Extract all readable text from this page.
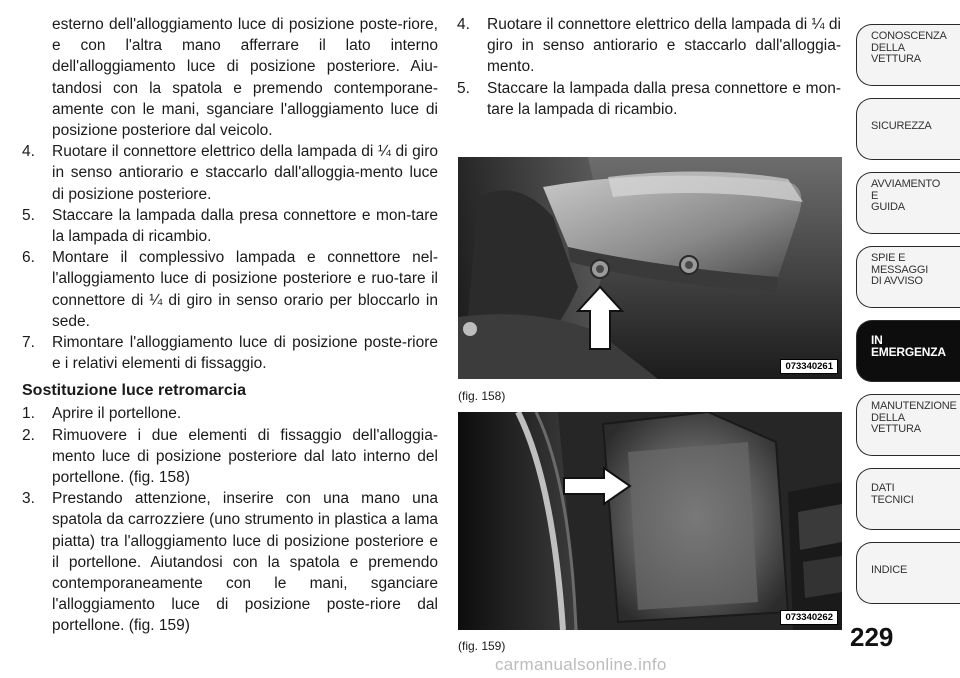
esterno dell'alloggiamento luce di posizione poste-riore, e con l'altra mano afferrare il lato interno dell'alloggiamento luce di posizione posteriore. Aiu-tandosi con la spatola e premendo contemporane-amente con le mani, sganciare l'alloggiamento luce di posizione posteriore dal veicolo.

4. Ruotare il connettore elettrico della lampada di ¼ di giro in senso antiorario e staccarlo dall'alloggia-mento luce di posizione posteriore.
5. Staccare la lampada dalla presa connettore e mon-tare la lampada di ricambio.
6. Montare il complessivo lampada e connettore nel-l'alloggiamento luce di posizione posteriore e ruo-tare il connettore di ¼ di giro in senso orario per bloccarlo in sede.
7. Rimontare l'alloggiamento luce di posizione poste-riore e i relativi elementi di fissaggio.
Sostituzione luce retromarcia
1. Aprire il portellone.
2. Rimuovere i due elementi di fissaggio dell'alloggia-mento luce di posizione posteriore dal lato interno del portellone. (fig. 158)
3. Prestando attenzione, inserire con una mano una spatola da carrozziere (uno strumento in plastica a lama piatta) tra l'alloggiamento luce di posizione posteriore e il portellone. Aiutandosi con la spatola e premendo contemporaneamente con le mani, sganciare l'alloggiamento luce di posizione poste-riore dal portellone. (fig. 159)
4. Ruotare il connettore elettrico della lampada di ¼ di giro in senso antiorario e staccarlo dall'alloggia-mento.
5. Staccare la lampada dalla presa connettore e mon-tare la lampada di ricambio.
073340261
(fig. 158)
073340262
(fig. 159)
CONOSCENZA
DELLA
VETTURA
SICUREZZA
AVVIAMENTO
E
GUIDA
SPIE E
MESSAGGI
DI AVVISO
IN
EMERGENZA
MANUTENZIONE
DELLA
VETTURA
DATI
TECNICI
INDICE
229
carmanualsonline.info
